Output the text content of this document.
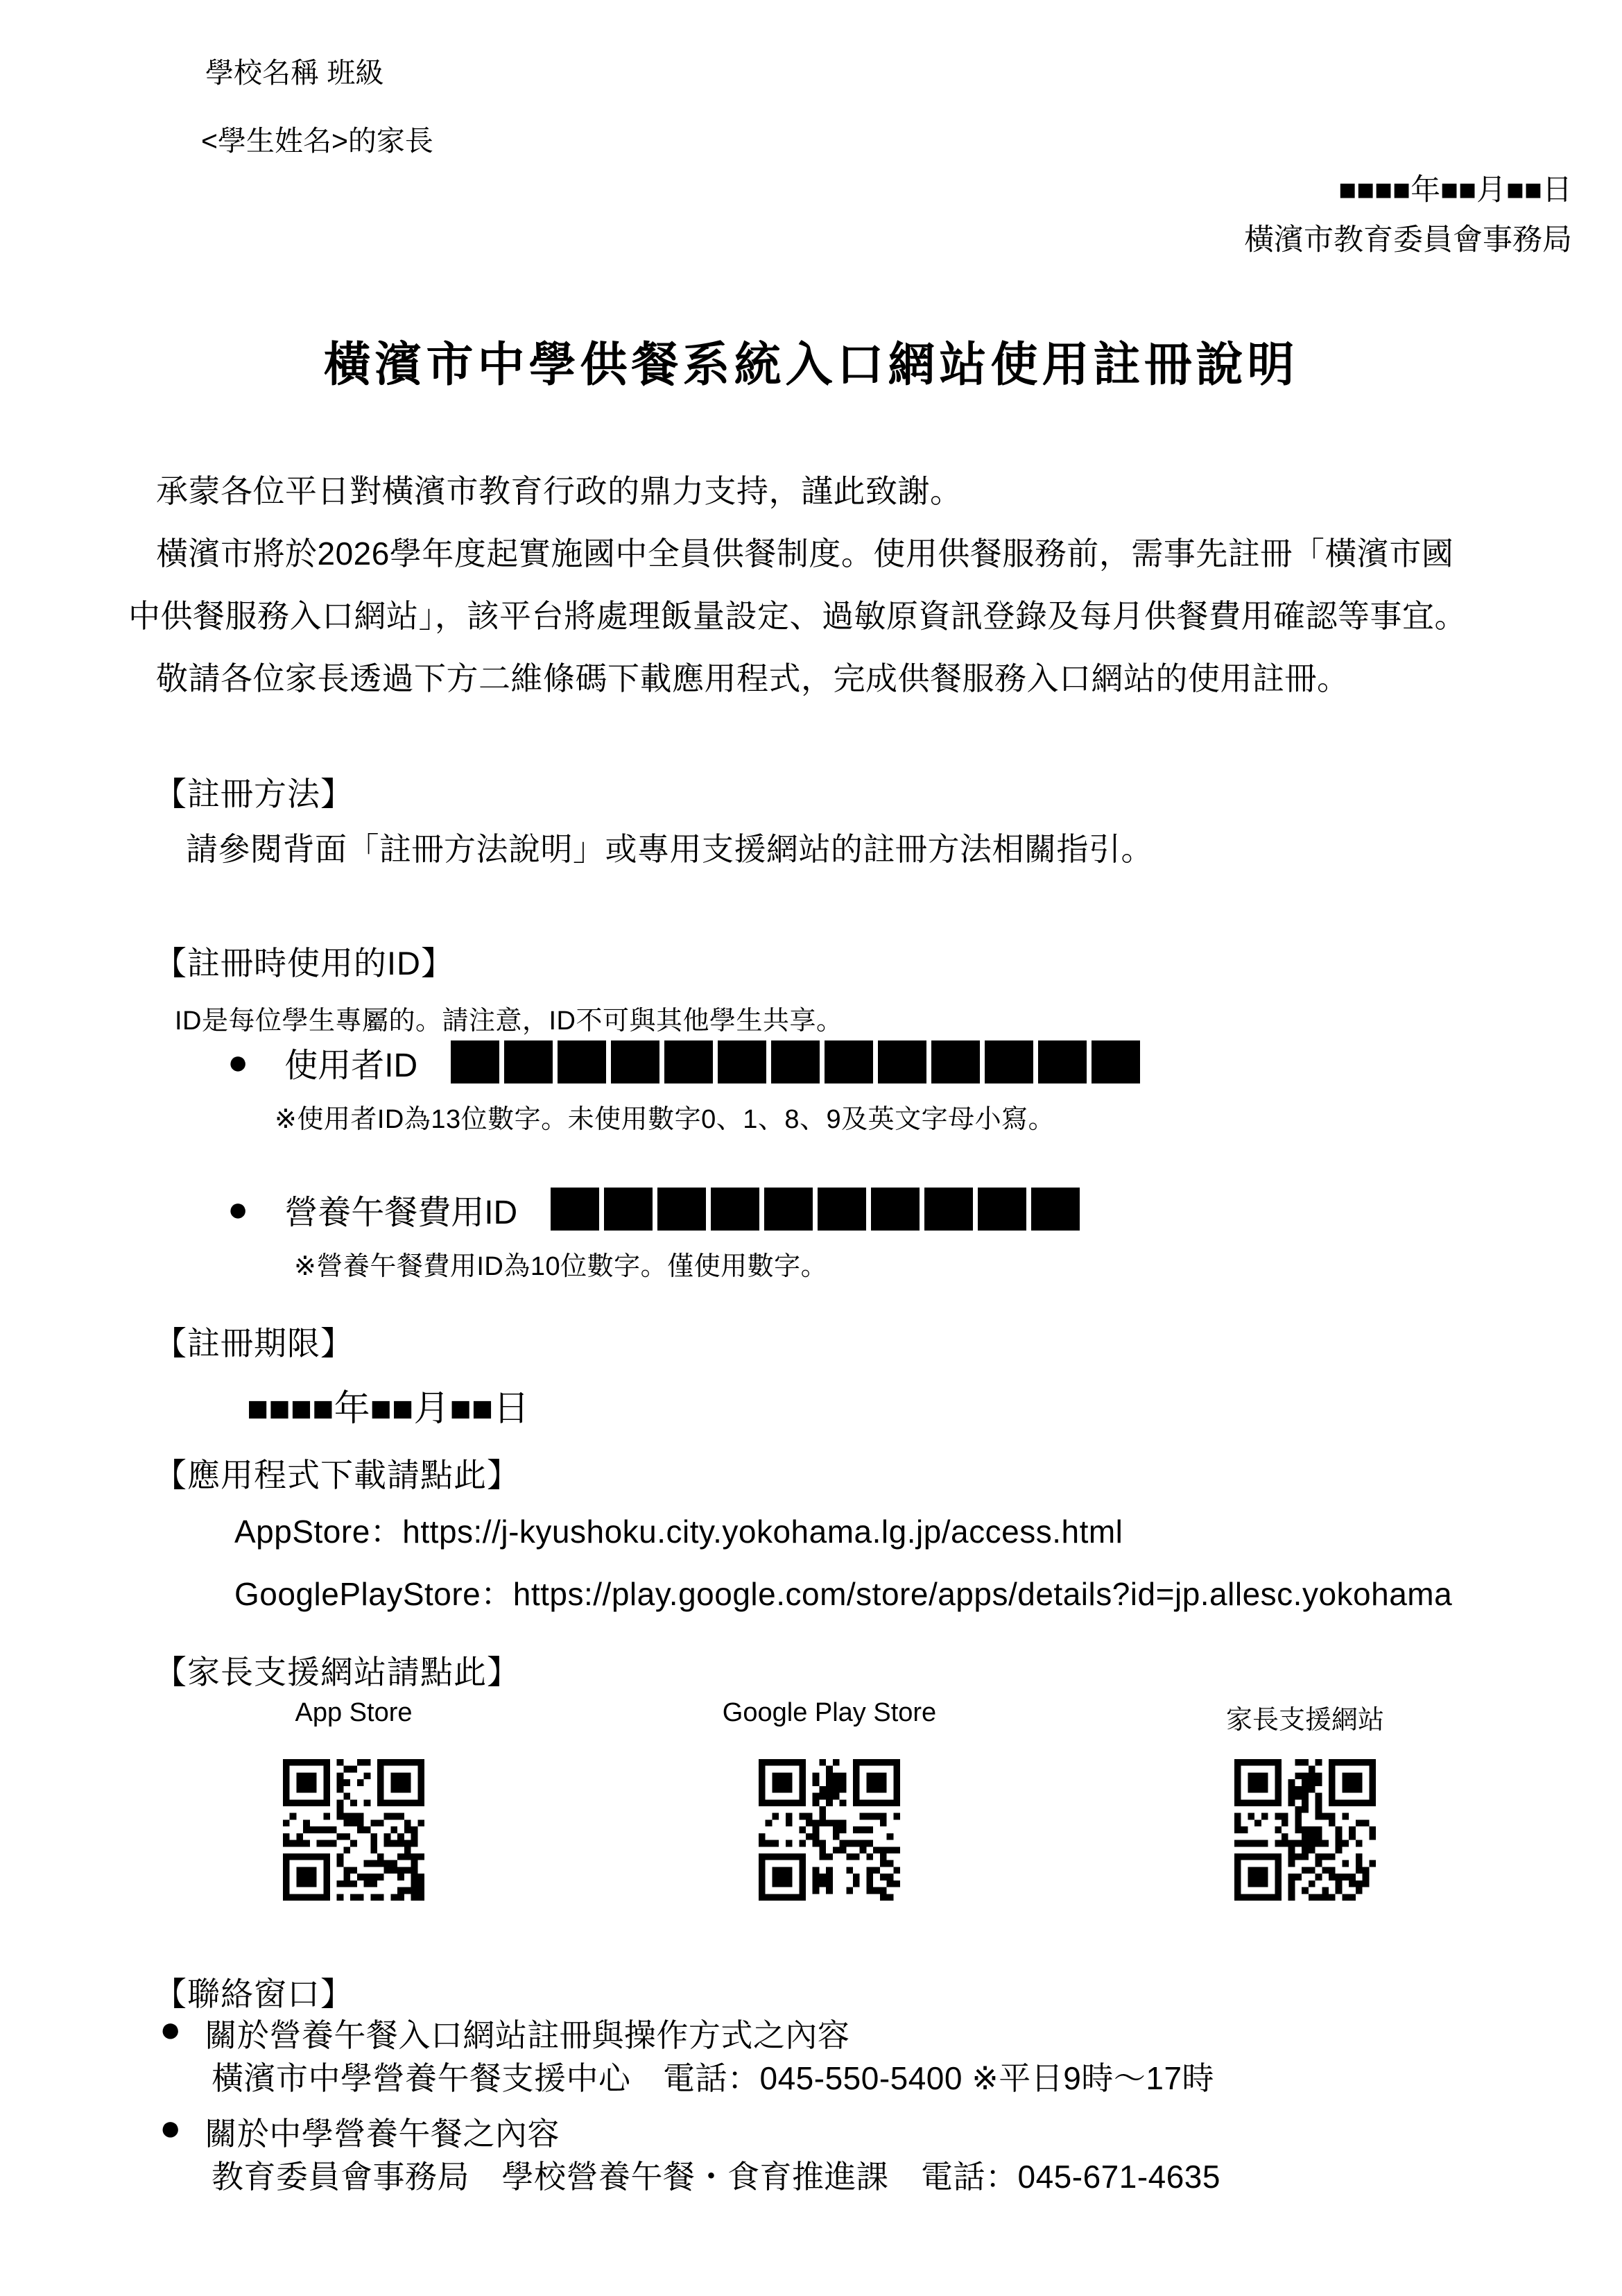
學校名稱 班級
<學生姓名>的家長
■■■■年■■月■■日
橫濱市教育委員會事務局
橫濱市中學供餐系統入口網站使用註冊說明
承蒙各位平日對橫濱市教育行政的鼎力支持，謹此致謝。
橫濱市將於2026學年度起實施國中全員供餐制度。使用供餐服務前，需事先註冊「橫濱市國
中供餐服務入口網站」，該平台將處理飯量設定、過敏原資訊登錄及每月供餐費用確認等事宜。
敬請各位家長透過下方二維條碼下載應用程式，完成供餐服務入口網站的使用註冊。
【註冊方法】
請參閱背面「註冊方法說明」或專用支援網站的註冊方法相關指引。
【註冊時使用的ID】
ID是每位學生專屬的。請注意，ID不可與其他學生共享。
● 使用者ID
※使用者ID為13位數字。未使用數字0、1、8、9及英文字母小寫。
● 營養午餐費用ID
※營養午餐費用ID為10位數字。僅使用數字。
【註冊期限】
■■■■年■■月■■日
【應用程式下載請點此】
AppStore：https://j-kyushoku.city.yokohama.lg.jp/access.html
GooglePlayStore：https://play.google.com/store/apps/details?id=jp.allesc.yokohama
【家長支援網站請點此】
App Store	Google Play Store	家長支援網站
【聯絡窗口】
● 關於營養午餐入口網站註冊與操作方式之內容
橫濱市中學營養午餐支援中心　電話：045-550-5400 ※平日9時～17時
● 關於中學營養午餐之內容
教育委員會事務局　學校營養午餐・食育推進課　電話：045-671-4635
